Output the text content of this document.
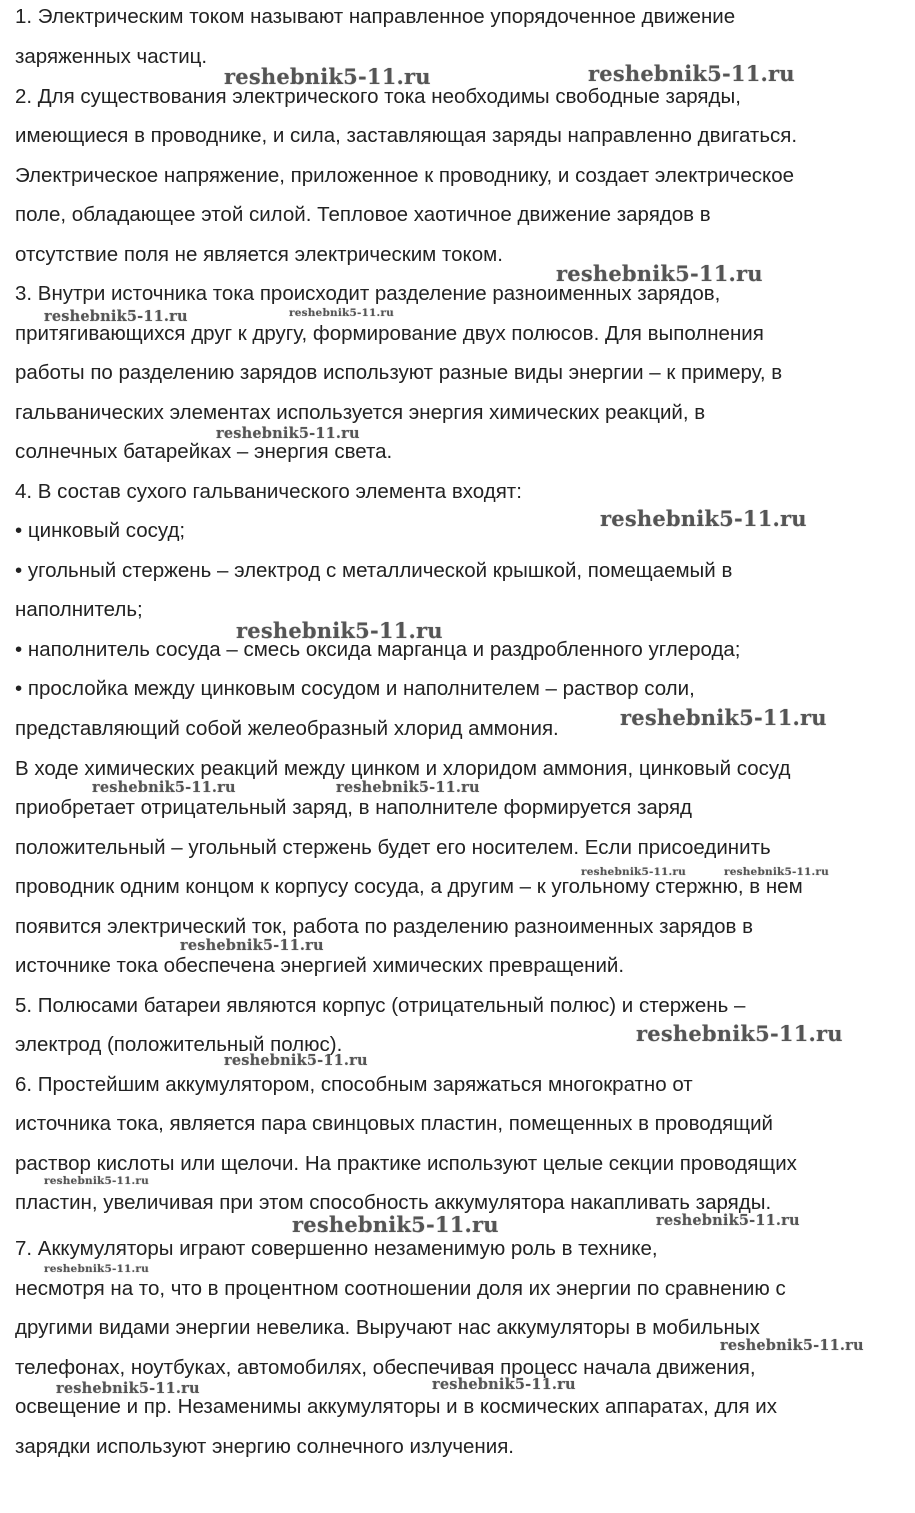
1. Электрическим током называют направленное упорядоченное движение
заряженных частиц.
2. Для существования электрического тока необходимы свободные заряды,
имеющиеся в проводнике, и сила, заставляющая заряды направленно двигаться.
Электрическое напряжение, приложенное к проводнику, и создает электрическое
поле, обладающее этой силой. Тепловое хаотичное движение зарядов в
отсутствие поля не является электрическим током.
3. Внутри источника тока происходит разделение разноименных зарядов,
притягивающихся друг к другу, формирование двух полюсов. Для выполнения
работы по разделению зарядов используют разные виды энергии – к примеру, в
гальванических элементах используется энергия химических реакций, в
солнечных батарейках – энергия света.
4. В состав сухого гальванического элемента входят:
• цинковый сосуд;
• угольный стержень – электрод с металлической крышкой, помещаемый в
наполнитель;
• наполнитель сосуда – смесь оксида марганца и раздробленного углерода;
• прослойка между цинковым сосудом и наполнителем – раствор соли,
представляющий собой желеобразный хлорид аммония.
В ходе химических реакций между цинком и хлоридом аммония, цинковый сосуд
приобретает отрицательный заряд, в наполнителе формируется заряд
положительный – угольный стержень будет его носителем. Если присоединить
проводник одним концом к корпусу сосуда, а другим – к угольному стержню, в нем
появится электрический ток, работа по разделению разноименных зарядов в
источнике тока обеспечена энергией химических превращений.
5. Полюсами батареи являются корпус (отрицательный полюс) и стержень –
электрод (положительный полюс).
6. Простейшим аккумулятором, способным заряжаться многократно от
источника тока, является пара свинцовых пластин, помещенных в проводящий
раствор кислоты или щелочи. На практике используют целые секции проводящих
пластин, увеличивая при этом способность аккумулятора накапливать заряды.
7. Аккумуляторы играют совершенно незаменимую роль в технике,
несмотря на то, что в процентном соотношении доля их энергии по сравнению с
другими видами энергии невелика. Выручают нас аккумуляторы в мобильных
телефонах, ноутбуках, автомобилях, обеспечивая процесс начала движения,
освещение и пр. Незаменимы аккумуляторы и в космических аппаратах, для их
зарядки используют энергию солнечного излучения.
reshebnik5-11.ru	reshebnik5-11.ru
reshebnik5-11.ru
reshebnik5-11.ru	reshebnik5-11.ru
reshebnik5-11.ru
reshebnik5-11.ru
reshebnik5-11.ru
reshebnik5-11.ru
reshebnik5-11.ru	reshebnik5-11.ru
reshebnik5-11.ru	reshebnik5-11.ru
reshebnik5-11.ru
reshebnik5-11.ru
reshebnik5-11.ru
reshebnik5-11.ru
reshebnik5-11.ru	reshebnik5-11.ru
reshebnik5-11.ru
reshebnik5-11.ru
reshebnik5-11.ru	reshebnik5-11.ru
